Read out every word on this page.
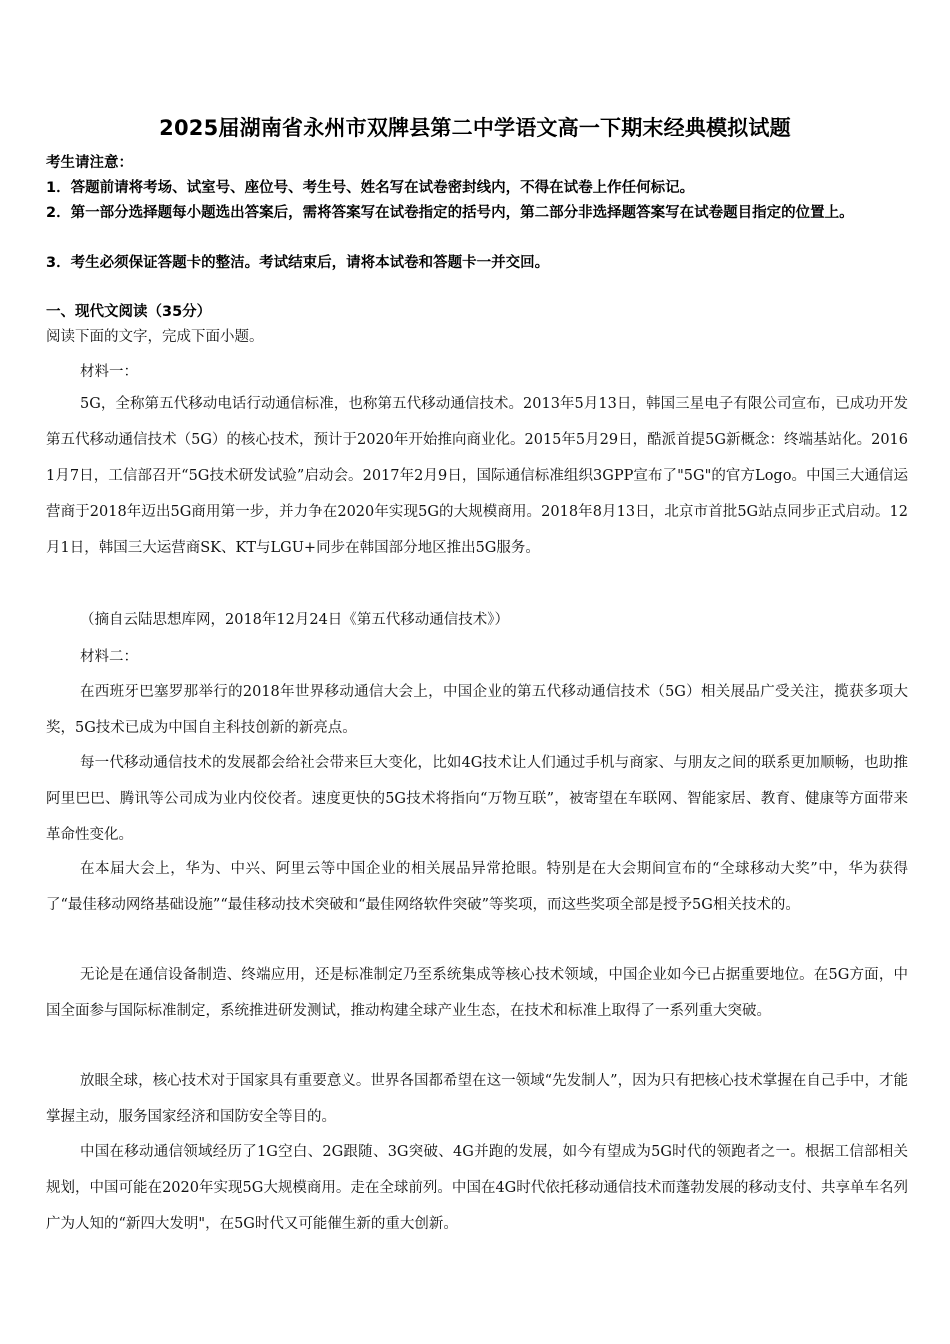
2025届湖南省永州市双牌县第二中学语文高一下期末经典模拟试题
考生请注意：
1．答题前请将考场、试室号、座位号、考生号、姓名写在试卷密封线内，不得在试卷上作任何标记。
2．第一部分选择题每小题选出答案后，需将答案写在试卷指定的括号内，第二部分非选择题答案写在试卷题目指定的位置上。
3．考生必须保证答题卡的整洁。考试结束后，请将本试卷和答题卡一并交回。
一、现代文阅读（35分）
阅读下面的文字，完成下面小题。
材料一：
5G，全称第五代移动电话行动通信标准，也称第五代移动通信技术。2013年5月13日，韩国三星电子有限公司宣布，已成功开发第五代移动通信技术（5G）的核心技术，预计于2020年开始推向商业化。2015年5月29日，酷派首提5G新概念：终端基站化。2016 1月7日，工信部召开“5G技术研发试验”启动会。2017年2月9日，国际通信标准组织3GPP宣布了"5G"的官方Logo。中国三大通信运营商于2018年迈出5G商用第一步，并力争在2020年实现5G的大规模商用。2018年8月13日，北京市首批5G站点同步正式启动。12月1日，韩国三大运营商SK、KT与LGU+同步在韩国部分地区推出5G服务。
（摘自云陆思想库网，2018年12月24日《第五代移动通信技术》）
材料二：
在西班牙巴塞罗那举行的2018年世界移动通信大会上，中国企业的第五代移动通信技术（5G）相关展品广受关注，揽获多项大奖，5G技术已成为中国自主科技创新的新亮点。
每一代移动通信技术的发展都会给社会带来巨大变化，比如4G技术让人们通过手机与商家、与朋友之间的联系更加顺畅，也助推阿里巴巴、腾讯等公司成为业内佼佼者。速度更快的5G技术将指向“万物互联”，被寄望在车联网、智能家居、教育、健康等方面带来革命性变化。
在本届大会上，华为、中兴、阿里云等中国企业的相关展品异常抢眼。特别是在大会期间宣布的“全球移动大奖”中，华为获得了“最佳移动网络基础设施”“最佳移动技术突破和“最佳网络软件突破”等奖项，而这些奖项全部是授予5G相关技术的。
无论是在通信设备制造、终端应用，还是标准制定乃至系统集成等核心技术领域，中国企业如今已占据重要地位。在5G方面，中国全面参与国际标准制定，系统推进研发测试，推动构建全球产业生态，在技术和标准上取得了一系列重大突破。
放眼全球，核心技术对于国家具有重要意义。世界各国都希望在这一领域“先发制人”，因为只有把核心技术掌握在自己手中，才能掌握主动，服务国家经济和国防安全等目的。
中国在移动通信领域经历了1G空白、2G跟随、3G突破、4G并跑的发展，如今有望成为5G时代的领跑者之一。根据工信部相关规划，中国可能在2020年实现5G大规模商用。走在全球前列。中国在4G时代依托移动通信技术而蓬勃发展的移动支付、共享单车名列广为人知的“新四大发明"，在5G时代又可能催生新的重大创新。
